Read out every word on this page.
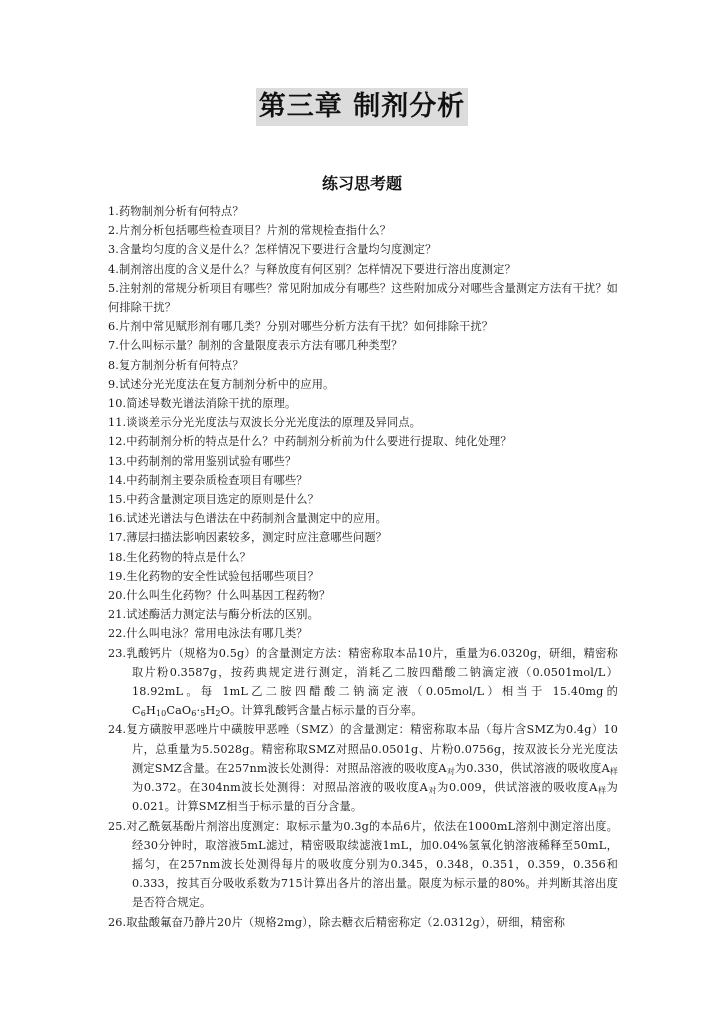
第三章 制剂分析
练习思考题

1.药物制剂分析有何特点？

2.片剂分析包括哪些检查项目？片剂的常规检查指什么？

3.含量均匀度的含义是什么？怎样情况下要进行含量均匀度测定？

4.制剂溶出度的含义是什么？与释放度有何区别？怎样情况下要进行溶出度测定？

5.注射剂的常规分析项目有哪些？常见附加成分有哪些？这些附加成分对哪些含量测定方法有干扰？如何排除干扰？

6.片剂中常见赋形剂有哪几类？分别对哪些分析方法有干扰？如何排除干扰？

7.什么叫标示量？制剂的含量限度表示方法有哪几种类型？

8.复方制剂分析有何特点？

9.试述分光光度法在复方制剂分析中的应用。

10.简述导数光谱法消除干扰的原理。

11.谈谈差示分光光度法与双波长分光光度法的原理及异同点。

12.中药制剂分析的特点是什么？中药制剂分析前为什么要进行提取、纯化处理？

13.中药制剂的常用鉴别试验有哪些？

14.中药制剂主要杂质检查项目有哪些？

15.中药含量测定项目选定的原则是什么？

16.试述光谱法与色谱法在中药制剂含量测定中的应用。

17.薄层扫描法影响因素较多，测定时应注意哪些问题？

18.生化药物的特点是什么？

19.生化药物的安全性试验包括哪些项目？

20.什么叫生化药物？什么叫基因工程药物？

21.试述酶活力测定法与酶分析法的区别。

22.什么叫电泳？常用电泳法有哪几类？

23.乳酸钙片（规格为0.5g）的含量测定方法：精密称取本品10片，重量为6.0320g，研细，精密称取片粉0.3587g，按药典规定进行测定，消耗乙二胺四醋酸二钠滴定液（0.0501mol/L）18.92mL。每 1mL乙二胺四醋酸二钠滴定液（0.05mol/L）相当于 15.40mg的$C_6H_{10}CaO_6\cdot_5H_2O$。计算乳酸钙含量占标示量的百分率。

24.复方磺胺甲恶唑片中磺胺甲恶唑（SMZ）的含量测定：精密称取本品（每片含SMZ为0.4g）10片，总重量为5.5028g。精密称取SMZ对照品0.0501g、片粉0.0756g，按双波长分光光度法测定SMZ含量。在257nm波长处测得：对照品溶液的吸收度$A_对$为0.330，供试溶液的吸收度$A_样$为0.372。在304nm波长处测得：对照品溶液的吸收度$A_对$为0.009，供试溶液的吸收度$A_样$为0.021。计算SMZ相当于标示量的百分含量。

25.对乙酰氨基酚片剂溶出度测定：取标示量为0.3g的本品6片，依法在1000mL溶剂中测定溶出度。经30分钟时，取溶液5mL滤过，精密吸取续滤液1mL，加0.04%氢氧化钠溶液稀释至50mL，摇匀，在257nm波长处测得每片的吸收度分别为0.345，0.348，0.351，0.359，0.356和0.333，按其百分吸收系数为715计算出各片的溶出量。限度为标示量的80%。并判断其溶出度是否符合规定。

26.取盐酸氟奋乃静片20片（规格2mg），除去糖衣后精密称定（2.0312g），研细，精密称
